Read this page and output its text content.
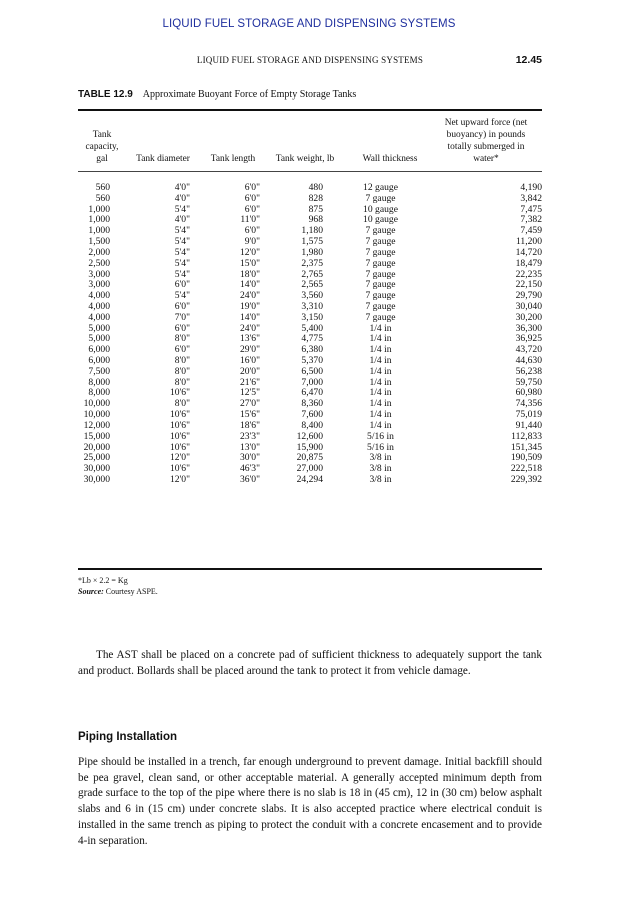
LIQUID FUEL STORAGE AND DISPENSING SYSTEMS
LIQUID FUEL STORAGE AND DISPENSING SYSTEMS	12.45
TABLE 12.9 Approximate Buoyant Force of Empty Storage Tanks
Tank
capacity,
gal	Tank diameter	Tank length	Tank weight, lb	Wall thickness
Net upward force (net
buoyancy) in pounds
totally submerged in
water*
560	4'0"	6'0"	480	12 gauge	4,190
560	4'0"	6'0"	828	7 gauge	3,842
1,000	5'4"	6'0"	875	10 gauge	7,475
1,000	4'0"	11'0"	968	10 gauge	7,382
1,000	5'4"	6'0"	1,180	7 gauge	7,459
1,500	5'4"	9'0"	1,575	7 gauge	11,200
2,000	5'4"	12'0"	1,980	7 gauge	14,720
2,500	5'4"	15'0"	2,375	7 gauge	18,479
3,000	5'4"	18'0"	2,765	7 gauge	22,235
3,000	6'0"	14'0"	2,565	7 gauge	22,150
4,000	5'4"	24'0"	3,560	7 gauge	29,790
4,000	6'0"	19'0"	3,310	7 gauge	30,040
4,000	7'0"	14'0"	3,150	7 gauge	30,200
5,000	6'0"	24'0"	5,400	1/4 in	36,300
5,000	8'0"	13'6"	4,775	1/4 in	36,925
6,000	6'0"	29'0"	6,380	1/4 in	43,720
6,000	8'0"	16'0"	5,370	1/4 in	44,630
7,500	8'0"	20'0"	6,500	1/4 in	56,238
8,000	8'0"	21'6"	7,000	1/4 in	59,750
8,000	10'6"	12'5"	6,470	1/4 in	60,980
10,000	8'0"	27'0"	8,360	1/4 in	74,356
10,000	10'6"	15'6"	7,600	1/4 in	75,019
12,000	10'6"	18'6"	8,400	1/4 in	91,440
15,000	10'6"	23'3"	12,600	5/16 in	112,833
20,000	10'6"	13'0"	15,900	5/16 in	151,345
25,000	12'0"	30'0"	20,875	3/8 in	190,509
30,000	10'6"	46'3"	27,000	3/8 in	222,518
30,000	12'0"	36'0"	24,294	3/8 in	229,392
*Lb × 2.2 = Kg
Source: Courtesy ASPE.

The AST shall be placed on a concrete pad of sufficient thickness to adequately support the tank and product. Bollards shall be placed around the tank to protect it from vehicle damage.

Piping Installation

Pipe should be installed in a trench, far enough underground to prevent damage. Initial backfill should be pea gravel, clean sand, or other acceptable material. A generally accepted minimum depth from grade surface to the top of the pipe where there is no slab is 18 in (45 cm), 12 in (30 cm) below asphalt slabs and 6 in (15 cm) under concrete slabs. It is also accepted practice where electrical conduit is installed in the same trench as piping to protect the conduit with a concrete encasement and to provide 4-in separation.
